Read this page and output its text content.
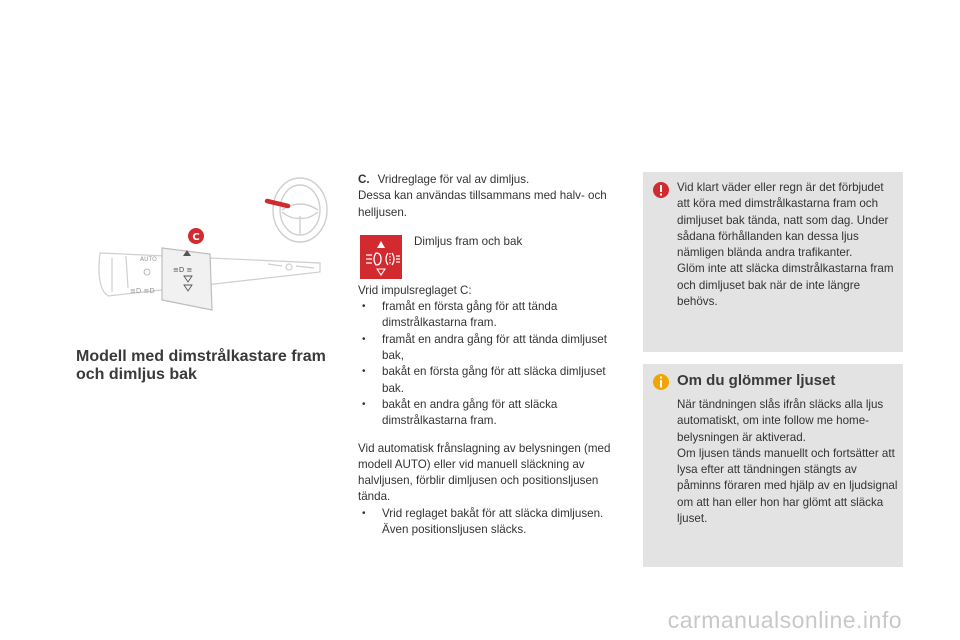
≡D ≡
AUTO
≡D ≡D
C
Modell med dimstrålkastare fram och dimljus bak

C. Vridreglage för val av dimljus.

Dessa kan användas tillsammans med halv- och helljusen.

Dimljus fram och bak

Vrid impulsreglaget C:

• framåt en första gång för att tända dimstrålkastarna fram.
• framåt en andra gång för att tända dimljuset bak,
• bakåt en första gång för att släcka dimljuset bak.
• bakåt en andra gång för att släcka dimstrålkastarna fram.

Vid automatisk frånslagning av belysningen (med modell AUTO) eller vid manuell släckning av halvljusen, förblir dimljusen och positionsljusen tända.

• Vrid reglaget bakåt för att släcka dimljusen. Även positionsljusen släcks.
Vid klart väder eller regn är det förbjudet att köra med dimstrålkastarna fram och dimljuset bak tända, natt som dag. Under sådana förhållanden kan dessa ljus nämligen blända andra trafikanter.
Glöm inte att släcka dimstrålkastarna fram och dimljuset bak när de inte längre behövs.
Om du glömmer ljuset
När tändningen slås ifrån släcks alla ljus automatiskt, om inte follow me home-belysningen är aktiverad.
Om ljusen tänds manuellt och fortsätter att lysa efter att tändningen stängts av påminns föraren med hjälp av en ljudsignal om att han eller hon har glömt att släcka ljuset.
carmanualsonline.info
